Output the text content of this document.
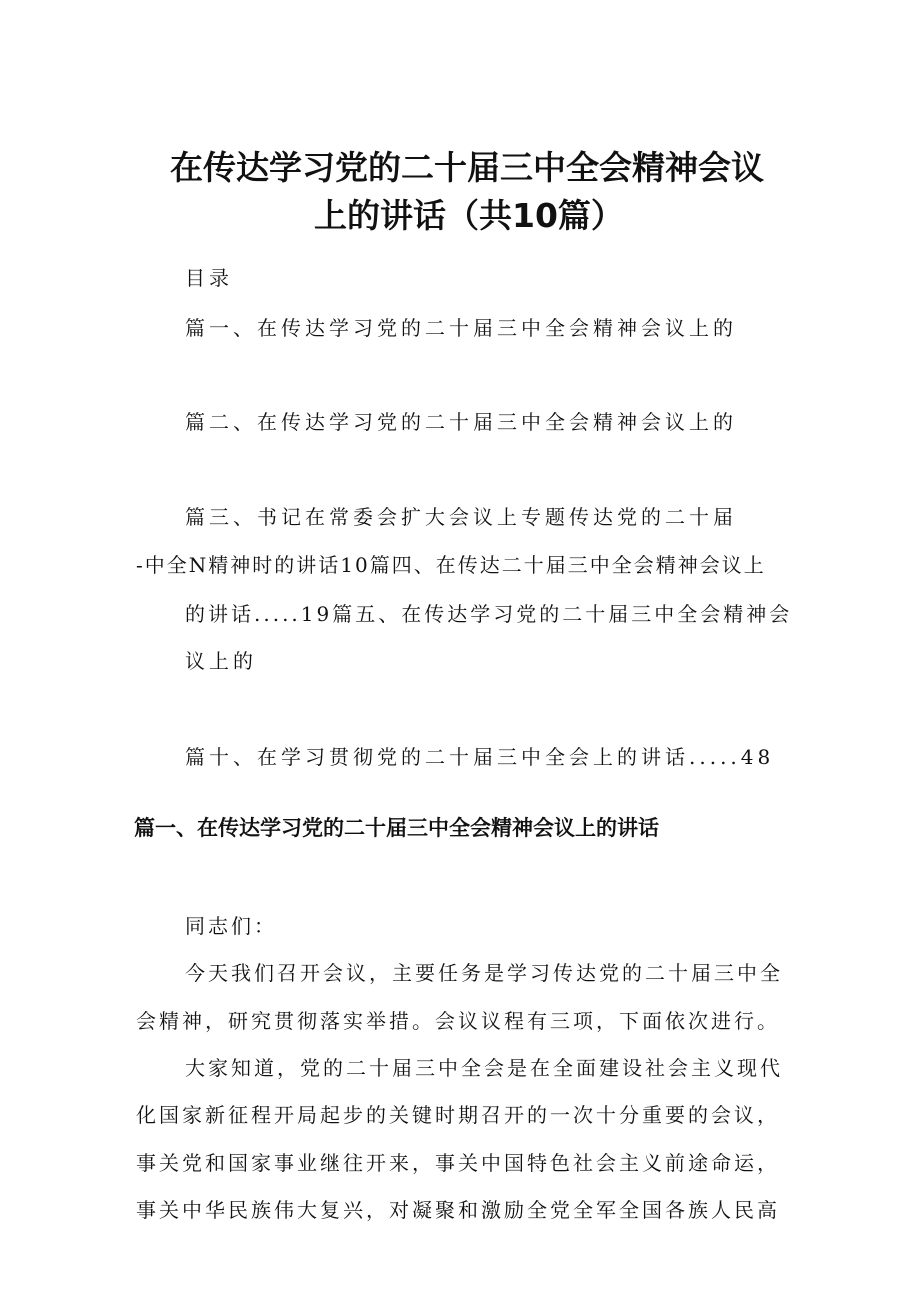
在传达学习党的二十届三中全会精神会议

上的讲话（共10篇）

目录

篇一、在传达学习党的二十届三中全会精神会议上的

篇二、在传达学习党的二十届三中全会精神会议上的

篇三、书记在常委会扩大会议上专题传达党的二十届

-中全N精神时的讲话10篇四、在传达二十届三中全会精神会议上

的讲话.....19篇五、在传达学习党的二十届三中全会精神会

议上的

篇十、在学习贯彻党的二十届三中全会上的讲话.....48

篇一、在传达学习党的二十届三中全会精神会议上的讲话

同志们：

今天我们召开会议，主要任务是学习传达党的二十届三中全

会精神，研究贯彻落实举措。会议议程有三项，下面依次进行。

大家知道，党的二十届三中全会是在全面建设社会主义现代

化国家新征程开局起步的关键时期召开的一次十分重要的会议，

事关党和国家事业继往开来，事关中国特色社会主义前途命运，

事关中华民族伟大复兴，对凝聚和激励全党全军全国各族人民高
